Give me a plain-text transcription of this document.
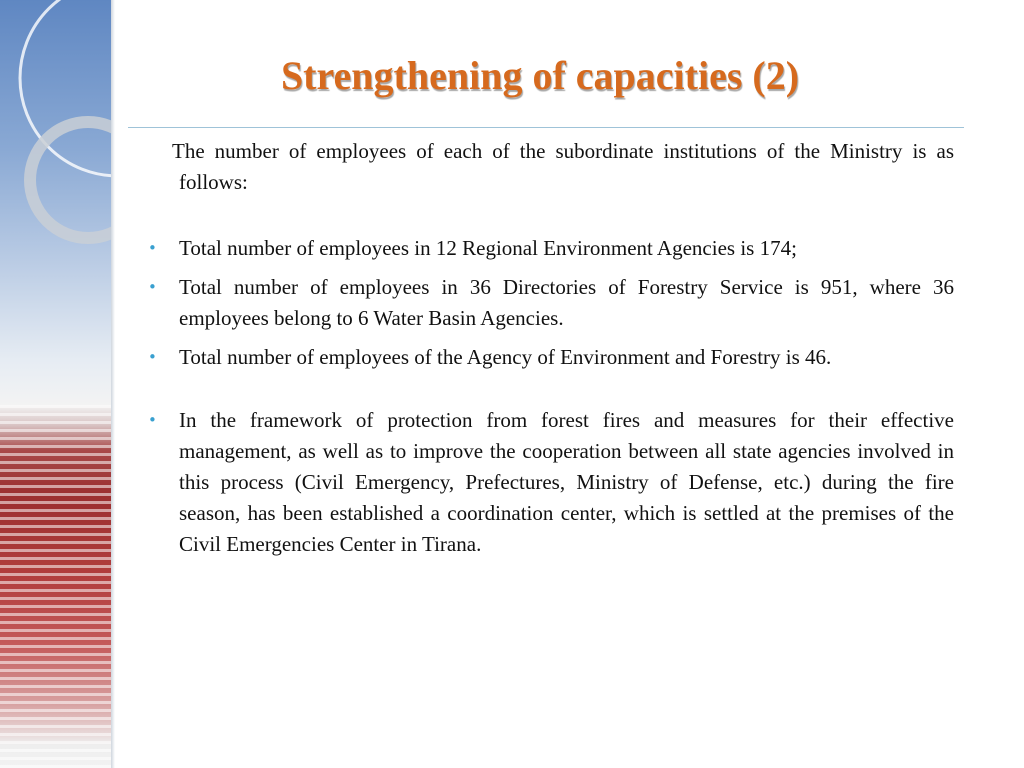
Strengthening of capacities (2)

The number of employees of each of the subordinate institutions of the Ministry is as follows:

• Total number of employees in 12 Regional Environment Agencies is 174;
• Total number of employees in 36 Directories of Forestry Service is 951, where 36 employees belong to 6 Water Basin Agencies.
• Total number of employees of the Agency of Environment and Forestry is 46.
• In the framework of protection from forest fires and measures for their effective management, as well as to improve the cooperation between all state agencies involved in this process (Civil Emergency, Prefectures, Ministry of Defense, etc.) during the fire season, has been established a coordination center, which is settled at the premises of the Civil Emergencies Center in Tirana.
